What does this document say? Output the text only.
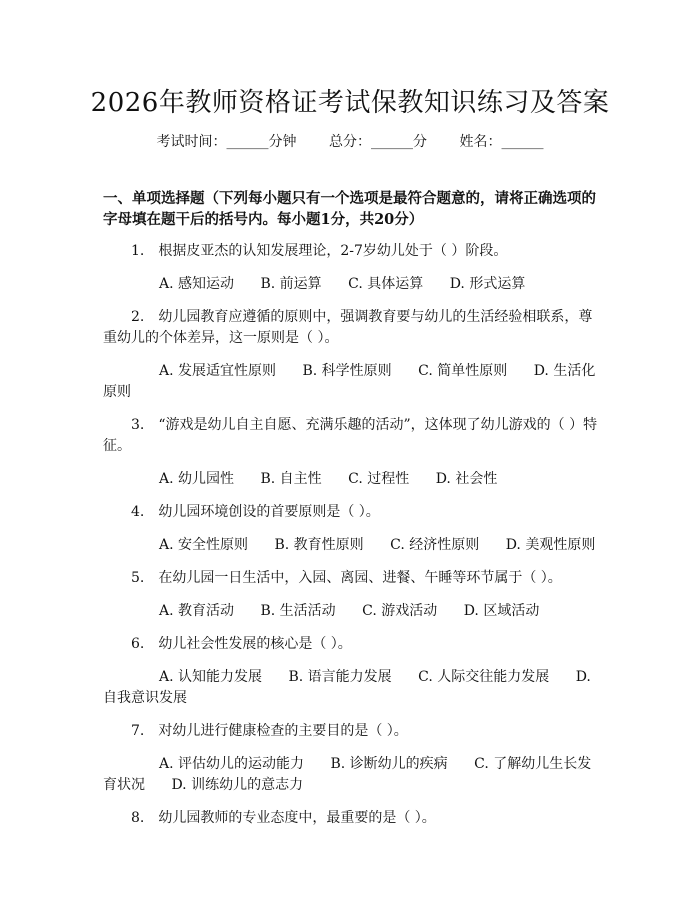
2026年教师资格证考试保教知识练习及答案
考试时间：______分钟 总分：______分 姓名：______
一、单项选择题（下列每小题只有一个选项是最符合题意的，请将正确选项的字母填在题干后的括号内。每小题1分，共20分）
1.　根据皮亚杰的认知发展理论，2-7岁幼儿处于（ ）阶段。
A. 感知运动 B. 前运算 C. 具体运算 D. 形式运算
2.　幼儿园教育应遵循的原则中，强调教育要与幼儿的生活经验相联系，尊重幼儿的个体差异，这一原则是（ ）。
A. 发展适宜性原则 B. 科学性原则 C. 简单性原则 D. 生活化原则
3.　“游戏是幼儿自主自愿、充满乐趣的活动”，这体现了幼儿游戏的（ ）特征。
A. 幼儿园性 B. 自主性 C. 过程性 D. 社会性
4.　幼儿园环境创设的首要原则是（ ）。
A. 安全性原则 B. 教育性原则 C. 经济性原则 D. 美观性原则
5.　在幼儿园一日生活中，入园、离园、进餐、午睡等环节属于（ ）。
A. 教育活动 B. 生活活动 C. 游戏活动 D. 区域活动
6.　幼儿社会性发展的核心是（ ）。
A. 认知能力发展 B. 语言能力发展 C. 人际交往能力发展 D. 自我意识发展
7.　对幼儿进行健康检查的主要目的是（ ）。
A. 评估幼儿的运动能力 B. 诊断幼儿的疾病 C. 了解幼儿生长发育状况 D. 训练幼儿的意志力
8.　幼儿园教师的专业态度中，最重要的是（ ）。
